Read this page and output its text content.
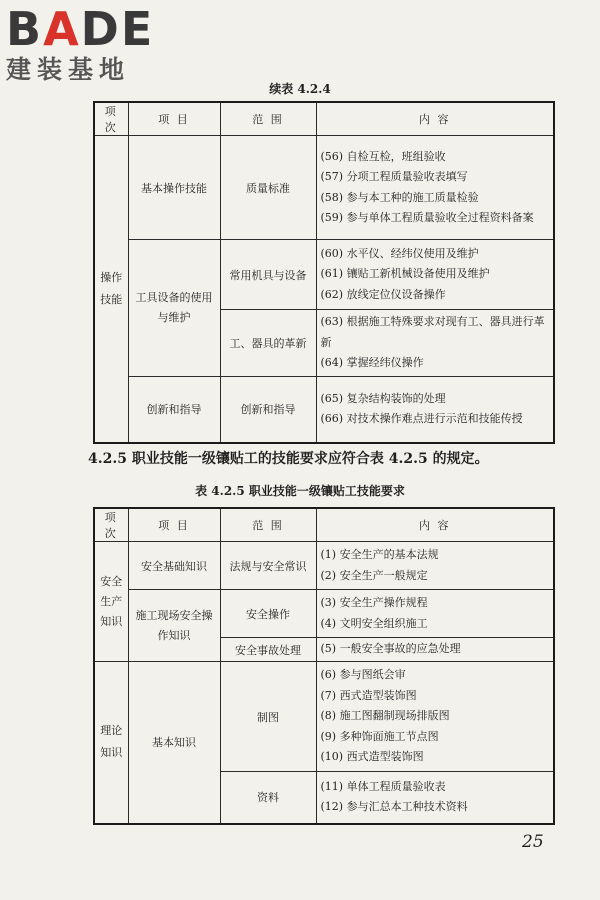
BADE
建装基地
续表 4.2.4
项次	项 目	范 围	内 容

操作技能	基本操作技能	质量标准	(56) 自检互检，班组验收
(57) 分项工程质量验收表填写
(58) 参与本工种的施工质量检验
(59) 参与单体工程质量验收全过程资料备案

	工具设备的使用与维护	常用机具与设备	(60) 水平仪、经纬仪使用及维护
(61) 镶贴工新机械设备使用及维护
(62) 放线定位仪设备操作

		工、器具的革新	(63) 根据施工特殊要求对现有工、器具进行革新
(64) 掌握经纬仪操作

	创新和指导	创新和指导	(65) 复杂结构装饰的处理
(66) 对技术操作难点进行示范和技能传授
4.2.5 职业技能一级镶贴工的技能要求应符合表 4.2.5 的规定。
表 4.2.5 职业技能一级镶贴工技能要求
项次	项 目	范 围	内 容

安全生产知识	安全基础知识	法规与安全常识	(1) 安全生产的基本法规
(2) 安全生产一般规定

	施工现场安全操作知识	安全操作	(3) 安全生产操作规程
(4) 文明安全组织施工

		安全事故处理	(5) 一般安全事故的应急处理

理论知识	基本知识	制图	(6) 参与图纸会审
(7) 西式造型装饰图
(8) 施工图翻制现场排版图
(9) 多种饰面施工节点图
(10) 西式造型装饰图

		资料	(11) 单体工程质量验收表
(12) 参与汇总本工种技术资料
25
